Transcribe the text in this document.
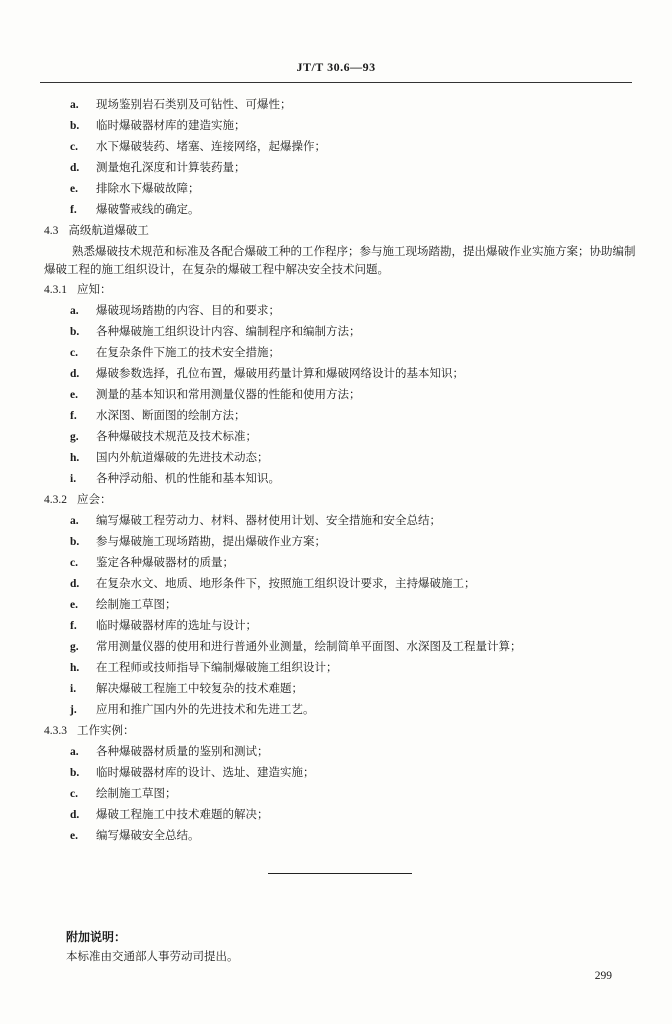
JT/T 30.6—93
a. 现场鉴别岩石类别及可钻性、可爆性；
b. 临时爆破器材库的建造实施；
c. 水下爆破装药、堵塞、连接网络，起爆操作；
d. 测量炮孔深度和计算装药量；
e. 排除水下爆破故障；
f. 爆破警戒线的确定。
4.3 高级航道爆破工
熟悉爆破技术规范和标准及各配合爆破工种的工作程序；参与施工现场踏勘，提出爆破作业实施方案；协助编制爆破工程的施工组织设计，在复杂的爆破工程中解决安全技术问题。
4.3.1 应知：
a. 爆破现场踏勘的内容、目的和要求；
b. 各种爆破施工组织设计内容、编制程序和编制方法；
c. 在复杂条件下施工的技术安全措施；
d. 爆破参数选择，孔位布置，爆破用药量计算和爆破网络设计的基本知识；
e. 测量的基本知识和常用测量仪器的性能和使用方法；
f. 水深图、断面图的绘制方法；
g. 各种爆破技术规范及技术标准；
h. 国内外航道爆破的先进技术动态；
i. 各种浮动船、机的性能和基本知识。
4.3.2 应会：
a. 编写爆破工程劳动力、材料、器材使用计划、安全措施和安全总结；
b. 参与爆破施工现场踏勘，提出爆破作业方案；
c. 鉴定各种爆破器材的质量；
d. 在复杂水文、地质、地形条件下，按照施工组织设计要求，主持爆破施工；
e. 绘制施工草图；
f. 临时爆破器材库的选址与设计；
g. 常用测量仪器的使用和进行普通外业测量，绘制简单平面图、水深图及工程量计算；
h. 在工程师或技师指导下编制爆破施工组织设计；
i. 解决爆破工程施工中较复杂的技术难题；
j. 应用和推广国内外的先进技术和先进工艺。
4.3.3 工作实例：
a. 各种爆破器材质量的鉴别和测试；
b. 临时爆破器材库的设计、选址、建造实施；
c. 绘制施工草图；
d. 爆破工程施工中技术难题的解决；
e. 编写爆破安全总结。
附加说明：
本标准由交通部人事劳动司提出。
299
